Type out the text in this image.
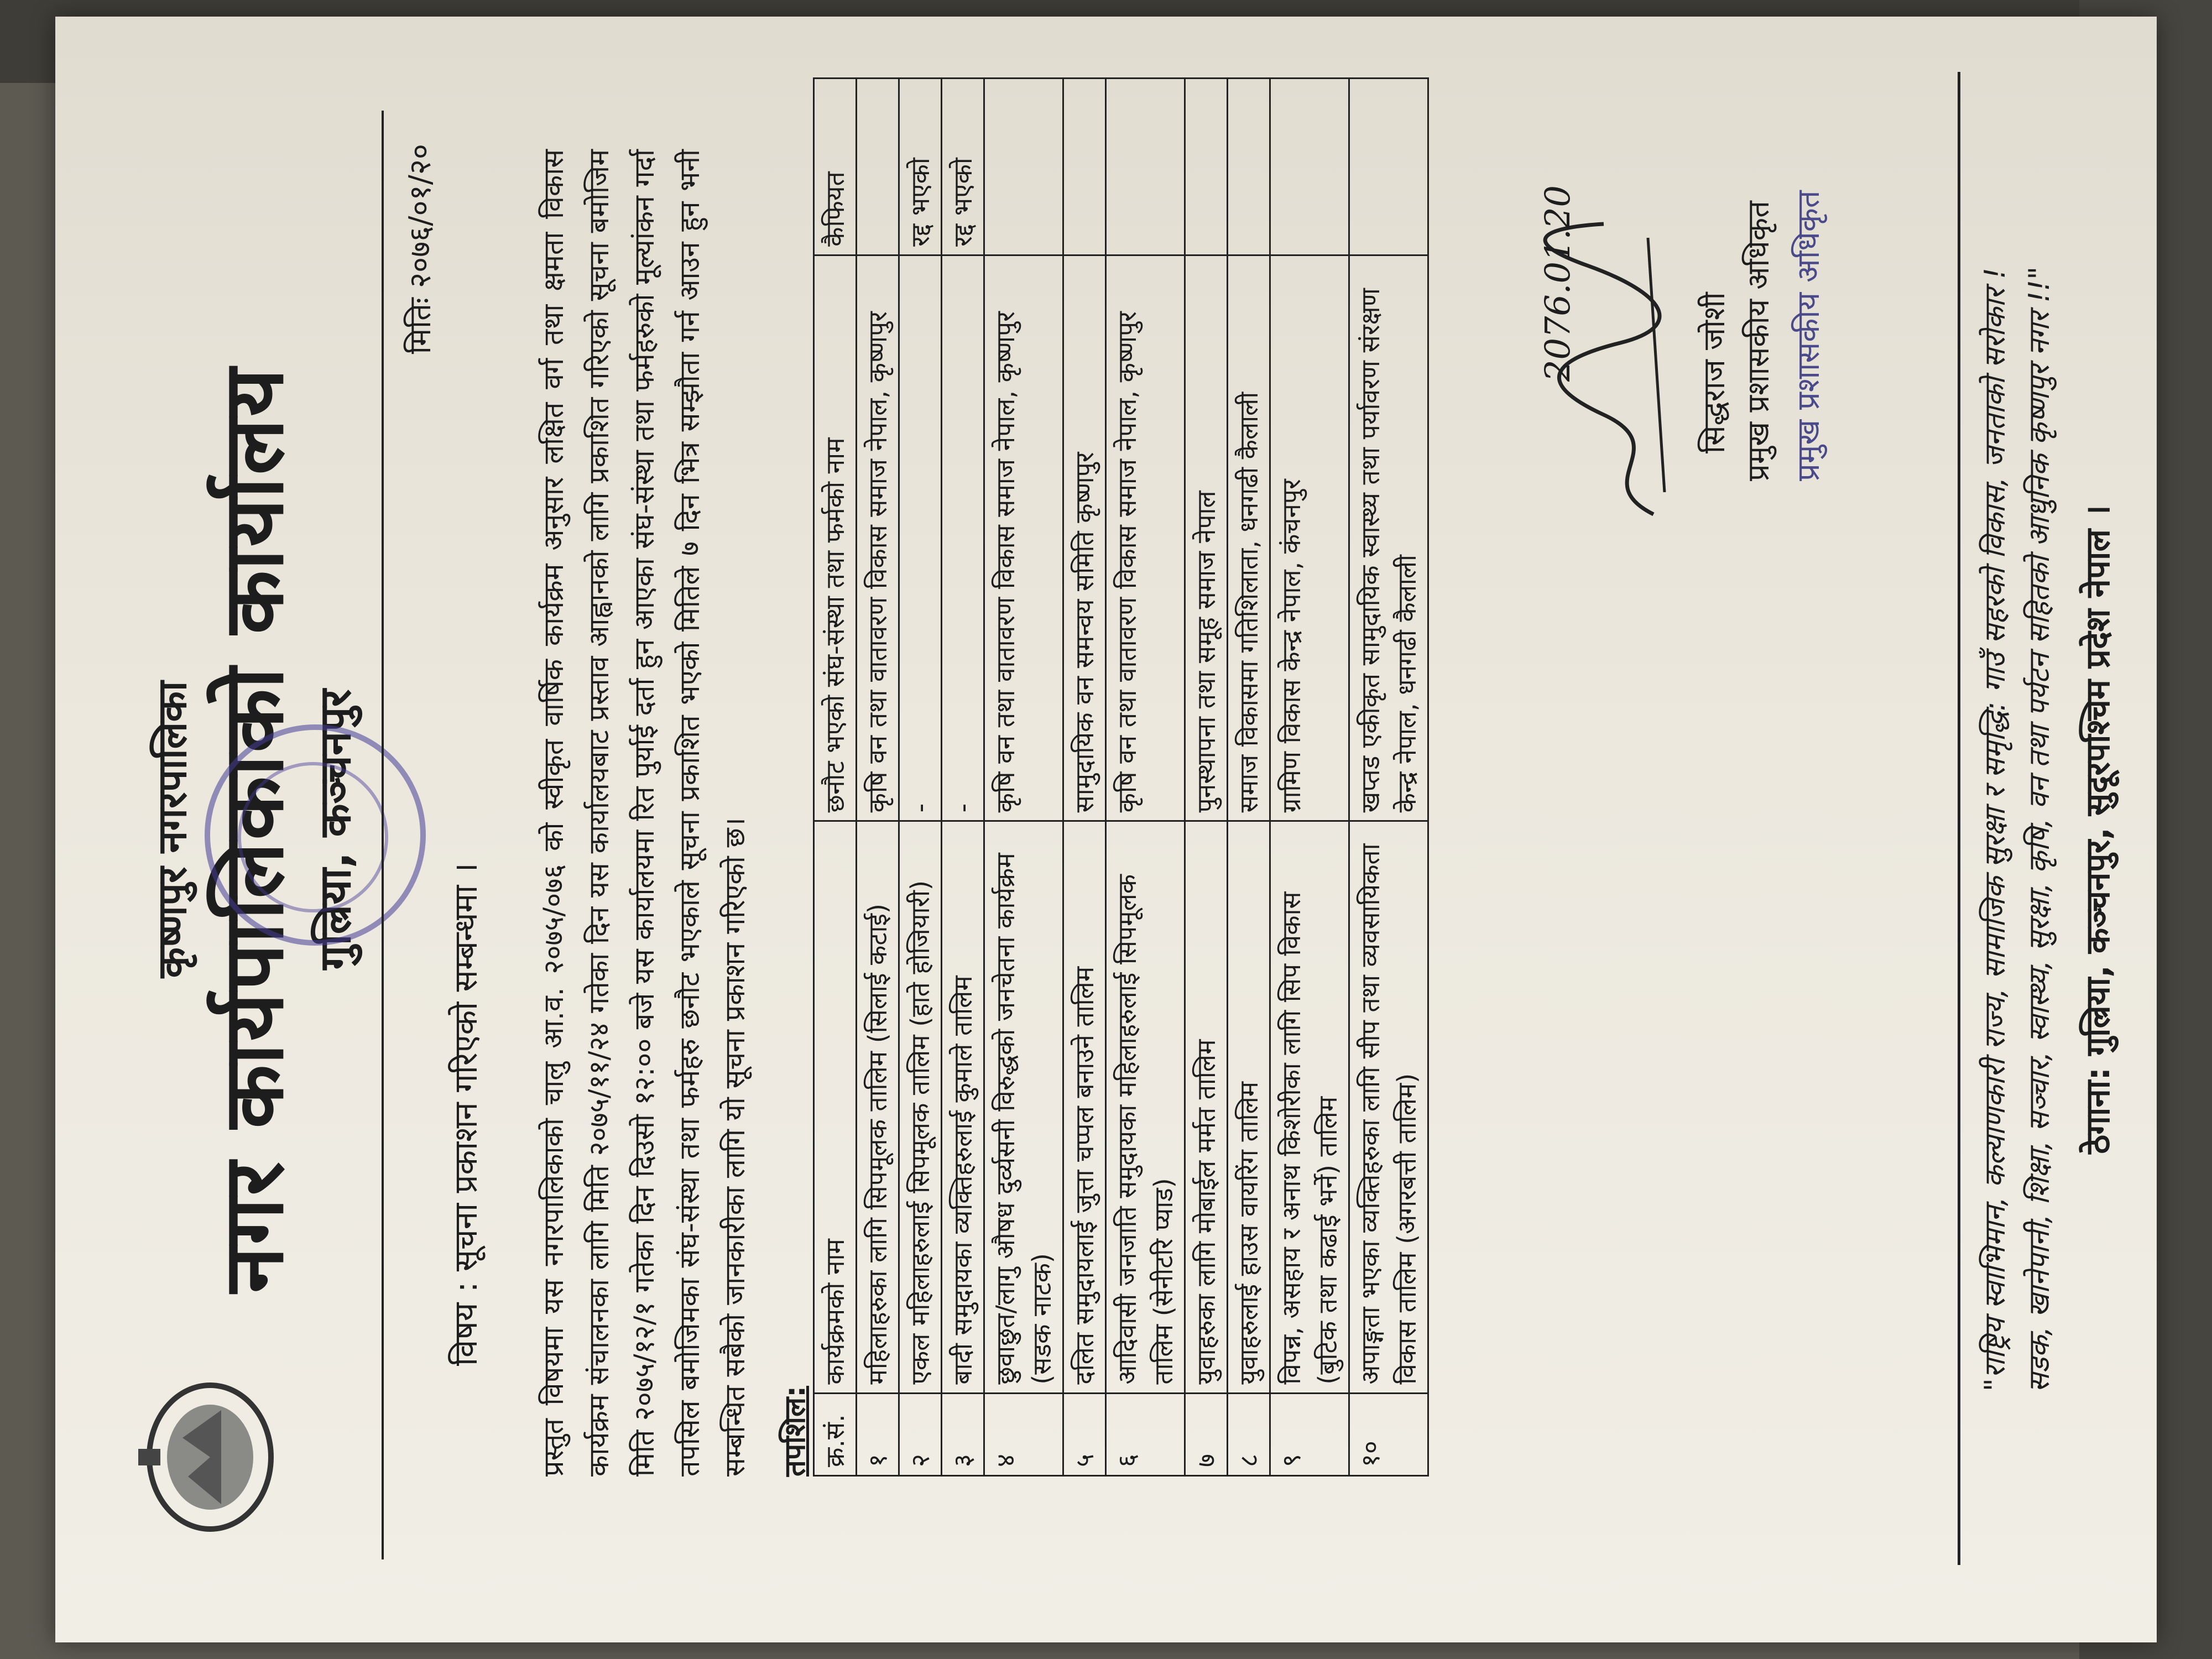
कृष्णपुर नगरपालिका नगर कार्यपालिकाको कार्यालय गुल्रिया, कञ्चनपुर
मितिः २०७६/०१/२०
विषय : सूचना प्रकाशन गरिएको सम्बन्धमा । प्रस्तुत विषयमा यस नगरपालिकाको चालु आ.व. २०७५/०७६ को स्वीकृत वार्षिक कार्यक्रम अनुसार लक्षित वर्ग तथा क्षमता विकास कार्यक्रम संचालनका लागि मिति २०७५/११/२४ गतेका दिन यस कार्यालयबाट प्रस्ताव आह्वानको लागि प्रकाशित गरिएको सूचना बमोजिम मिति २०७५/१२/१ गतेका दिन दिउसो १२:०० बजे यस कार्यालयमा रित पुर्याई दर्ता हुन आएका संघ-संस्था तथा फर्महरुको मूल्यांकन गर्दा तपसिल बमोजिमका संघ-संस्था तथा फर्महरु छनौट भएकाले सूचना प्रकाशित भएको मितिले ७ दिन भित्र सम्झौता गर्न आउन हुन भनी सम्बन्धित सबैको जानकारीका लागि यो सूचना प्रकाशन गरिएको छ। तपशिल: क्र.सं.	कार्यक्रमको नाम	छनौट भएको संघ-संस्था तथा फर्मको नाम	कैफियत
१	महिलाहरुका लागि सिपमूलक तालिम (सिलाई कटाई)	कृषि वन तथा वातावरण विकास समाज नेपाल, कृष्णपुर	
२	एकल महिलाहरुलाई सिपमूलक तालिम (हाते होजियारी)	-	रद्द भएको
३	बादी समुदायका व्यक्तिहरुलाई कुमाले तालिम	-	रद्द भएको
४	छुवाछुत/लागु औषध दुर्व्यसनी विरुद्धको जनचेतना कार्यक्रम (सडक नाटक)	कृषि वन तथा वातावरण विकास समाज नेपाल, कृष्णपुर	
५	दलित समुदायलाई जुत्ता चप्पल बनाउने तालिम	सामुदायिक वन समन्वय समिति कृष्णपुर	
६	आदिवासी जनजाति समुदायका महिलाहरुलाई सिपमूलक तालिम (सेनीटरि प्याड)	कृषि वन तथा वातावरण विकास समाज नेपाल, कृष्णपुर	
७	युवाहरुका लागि मोबाईल मर्मत तालिम	पुनस्थापना तथा समूह समाज नेपाल	
८	युवाहरुलाई हाउस वायरिंग तालिम	समाज विकासमा गतिशिलाता, धनगढी कैलाली	
९	विपन्न, असहाय र अनाथ किशोरीका लागि सिप विकास (बुटिक तथा कढाई भर्ने) तालिम	ग्रामिण विकास केन्द्र नेपाल, कंचनपुर	
१०	अपाङ्गता भएका व्यक्तिहरुका लागि सीप तथा व्यवसायिकता विकास तालिम (अगरबत्ती तालिम)	खप्तड एकीकृत सामुदायिक स्वास्थ्य तथा पर्यावरण संरक्षण केन्द्र नेपाल, धनगढी कैलाली	
2076.01.20	सिद्धराज जोशी प्रमुख प्रशासकीय अधिकृत प्रमुख प्रशासकीय अधिकृत	"राष्ट्रिय स्वाभिमान, कल्याणकारी राज्य, सामाजिक सुरक्षा र समृद्धि: गाउँ सहरको विकास, जनताको सरोकार ! सडक, खानेपानी, शिक्षा, सञ्चार, स्वास्थ्य, सुरक्षा, कृषि, वन तथा पर्यटन सहितको आधुनिक कृष्णपुर नगर !!" ठेगाना: गुल्रिया, कञ्चनपुर, सुदूरपश्चिम प्रदेश नेपाल ।
